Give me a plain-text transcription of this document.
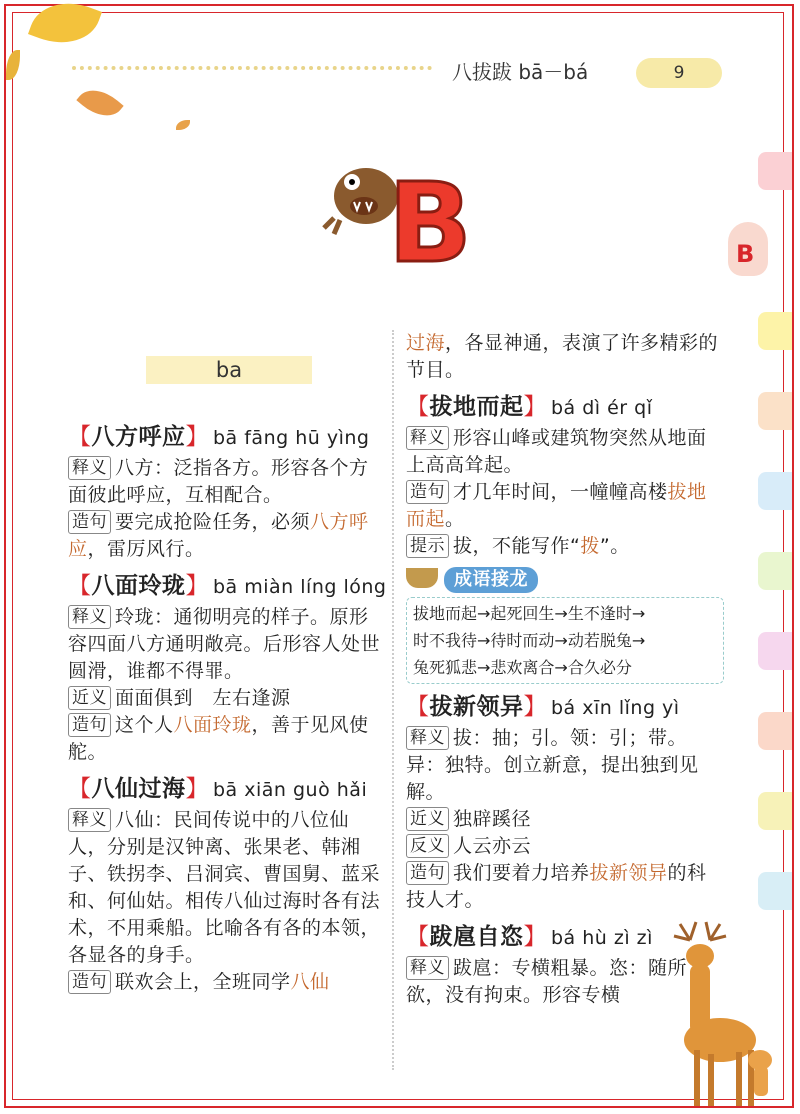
八拔跋 bā－bá	9
B
B
ba

【八方呼应】 bā fāng hū yìng

释义 八方：泛指各方。形容各个方面彼此呼应，互相配合。

造句 要完成抢险任务，必须八方呼应，雷厉风行。

【八面玲珑】 bā miàn líng lóng

释义 玲珑：通彻明亮的样子。原形容四面八方通明敞亮。后形容人处世圆滑，谁都不得罪。

近义 面面俱到　左右逢源

造句 这个人八面玲珑，善于见风使舵。

【八仙过海】 bā xiān guò hǎi

释义 八仙：民间传说中的八位仙人，分别是汉钟离、张果老、韩湘子、铁拐李、吕洞宾、曹国舅、蓝采和、何仙姑。相传八仙过海时各有法术，不用乘船。比喻各有各的本领，各显各的身手。

造句 联欢会上，全班同学八仙

过海，各显神通，表演了许多精彩的节目。

【拔地而起】 bá dì ér qǐ

释义 形容山峰或建筑物突然从地面上高高耸起。

造句 才几年时间，一幢幢高楼拔地而起。

提示 拔，不能写作“拨”。

成语接龙

拔地而起→起死回生→生不逢时→
时不我待→待时而动→动若脱兔→
兔死狐悲→悲欢离合→合久必分

【拔新领异】 bá xīn lǐng yì

释义 拔：抽；引。领：引；带。异：独特。创立新意，提出独到见解。

近义 独辟蹊径

反义 人云亦云

造句 我们要着力培养拔新领异的科技人才。

【跋扈自恣】 bá hù zì zì

释义 跋扈：专横粗暴。恣：随所欲，没有拘束。形容专横
